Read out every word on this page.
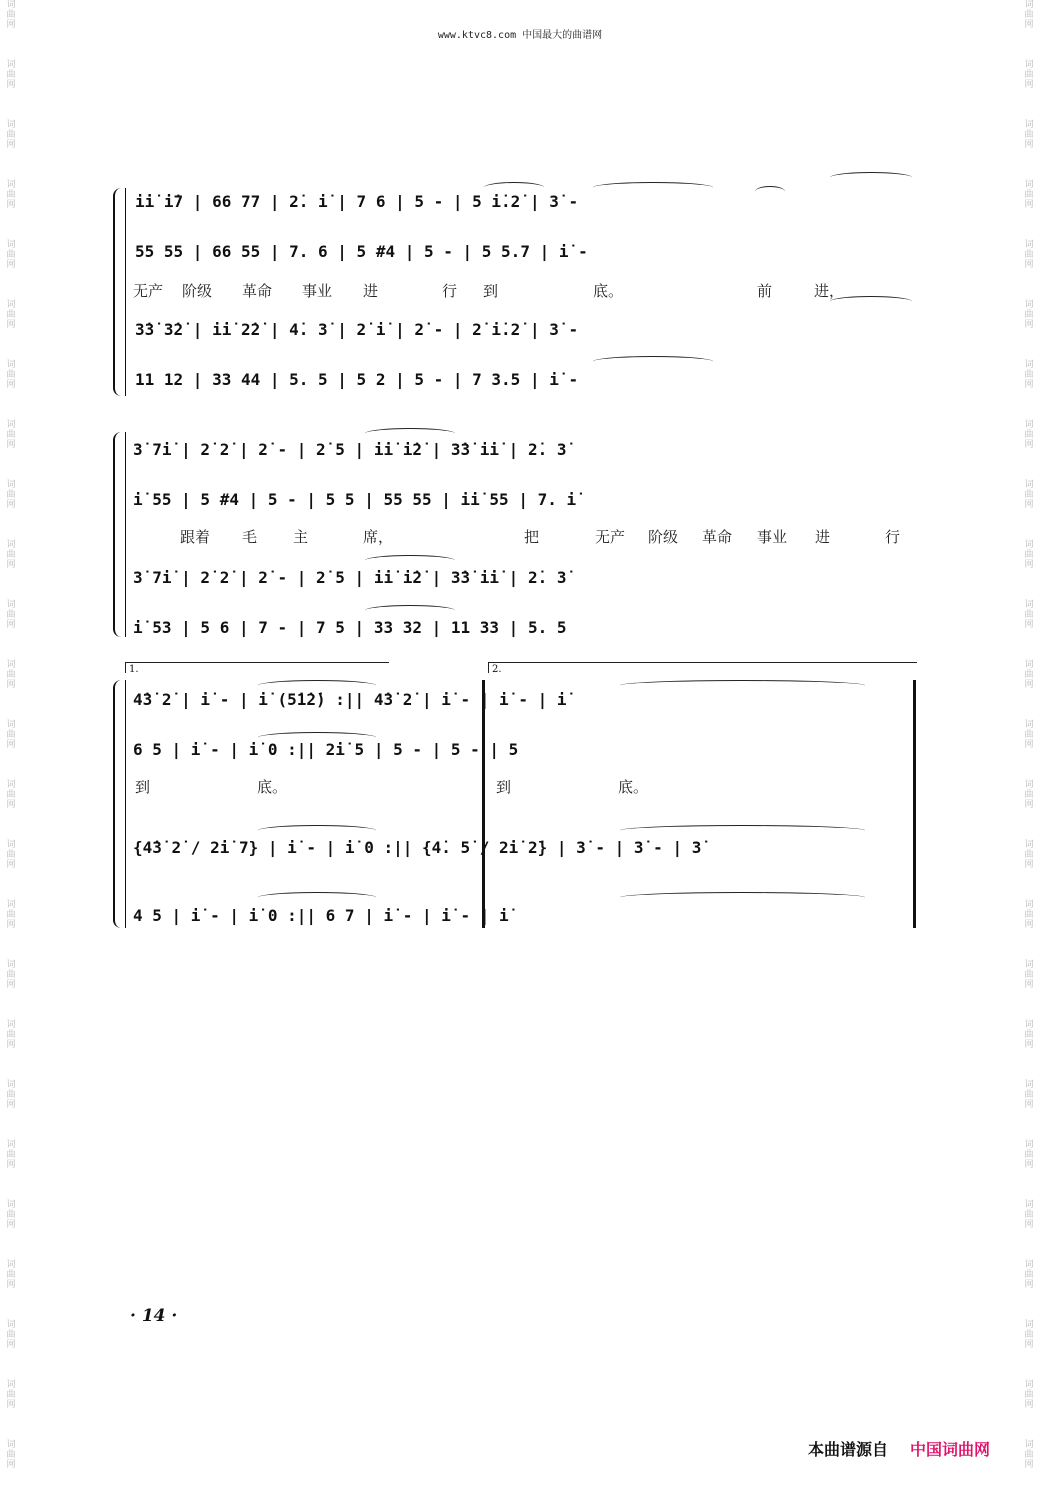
词
曲
网
词
曲
网
词
曲
网
词
曲
网
词
曲
网
词
曲
网
词
曲
网
词
曲
网
词
曲
网
词
曲
网
词
曲
网
词
曲
网
词
曲
网
词
曲
网
词
曲
网
词
曲
网
词
曲
网
词
曲
网
词
曲
网
词
曲
网
词
曲
网
词
曲
网
词
曲
网
词
曲
网
词
曲
网
词
曲
网
词
曲
网
词
曲
网
词
曲
网
词
曲
网
词
曲
网
词
曲
网
词
曲
网
词
曲
网
词
曲
网
词
曲
网
词
曲
网
词
曲
网
词
曲
网
词
曲
网
词
曲
网
词
曲
网
词
曲
网
词
曲
网
词
曲
网
词
曲
网
词
曲
网
词
曲
网
词
曲
网
词
曲
网
www.ktvc8.com 中国最大的曲谱网
i̇i̇ i̇7 | 66 77 | 2̇. i̇ | 7 6 | 5 - | 5 i̇.2̇ | 3̇ -
55 55 | 66 55 | 7. 6 | 5 #4 | 5 - | 5 5.7 | i̇ -
无产 阶级 革命 事业 进	行 到	底。	前	进，
3̇3̇ 3̇2̇ | i̇i̇ 2̇2̇ | 4̇. 3̇ | 2̇ i̇ | 2̇ - | 2̇ i̇.2̇ | 3̇ -
11 12 | 33 44 | 5. 5 | 5 2 | 5 - | 7 3.5 | i̇ -
3̇ 7i̇ | 2̇ 2̇ | 2̇ - | 2̇ 5 | i̇i̇ i̇2̇ | 3̇3̇ i̇i̇ | 2̇. 3̇
i̇ 55 | 5 #4 | 5 - | 5 5 | 55 55 | i̇i̇ 55 | 7. i̇
跟着 毛 主	席，	把	无产 阶级 革命 事业 进	行
3̇ 7i̇ | 2̇ 2̇ | 2̇ - | 2̇ 5 | i̇i̇ i̇2̇ | 3̇3̇ i̇i̇ | 2̇. 3̇
i̇ 53 | 5 6 | 7 - | 7 5 | 33 32 | 11 33 | 5. 5
1.	2.
4̇3̇ 2̇ | i̇ - | i̇ (5̇1̇2̇) :|| 4̇3̇ 2̇ | i̇ - | i̇ - | i̇
6 5 | i̇ - | i̇ 0 :|| 2̇i̇ 5 | 5 - | 5 - | 5
到	底。	到	底。
{4̇3̇ 2̇ / 2̇i̇ 7} | i̇ - | i̇ 0 :|| {4̇. 5̇ / 2̇i̇ 2̇} | 3̇ - | 3̇ - | 3̇
4 5 | i̇ - | i̇ 0 :|| 6 7 | i̇ - | i̇ - | i̇
· 14 ·
本曲谱源自 中国词曲网
